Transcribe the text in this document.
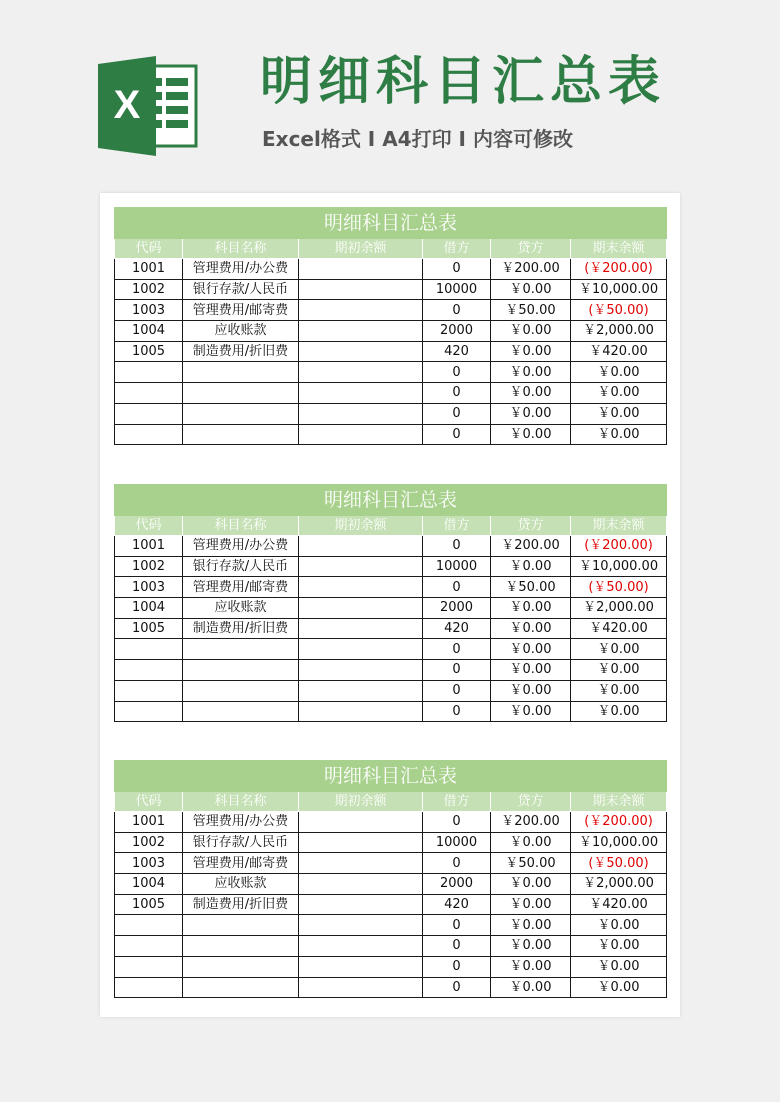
X 明细科目汇总表
Excel格式 I A4打印 I 内容可修改
明细科目汇总表					
代码	科目名称	期初余额	借方	贷方	期末余额
1001	管理费用/办公费		0	￥200.00	(￥200.00)
1002	银行存款/人民币		10000	￥0.00	￥10,000.00
1003	管理费用/邮寄费		0	￥50.00	(￥50.00)
1004	应收账款		2000	￥0.00	￥2,000.00
1005	制造费用/折旧费		420	￥0.00	￥420.00
			0	￥0.00	￥0.00
			0	￥0.00	￥0.00
			0	￥0.00	￥0.00
			0	￥0.00	￥0.00
明细科目汇总表					
代码	科目名称	期初余额	借方	贷方	期末余额
1001	管理费用/办公费		0	￥200.00	(￥200.00)
1002	银行存款/人民币		10000	￥0.00	￥10,000.00
1003	管理费用/邮寄费		0	￥50.00	(￥50.00)
1004	应收账款		2000	￥0.00	￥2,000.00
1005	制造费用/折旧费		420	￥0.00	￥420.00
			0	￥0.00	￥0.00
			0	￥0.00	￥0.00
			0	￥0.00	￥0.00
			0	￥0.00	￥0.00
明细科目汇总表					
代码	科目名称	期初余额	借方	贷方	期末余额
1001	管理费用/办公费		0	￥200.00	(￥200.00)
1002	银行存款/人民币		10000	￥0.00	￥10,000.00
1003	管理费用/邮寄费		0	￥50.00	(￥50.00)
1004	应收账款		2000	￥0.00	￥2,000.00
1005	制造费用/折旧费		420	￥0.00	￥420.00
			0	￥0.00	￥0.00
			0	￥0.00	￥0.00
			0	￥0.00	￥0.00
			0	￥0.00	￥0.00
